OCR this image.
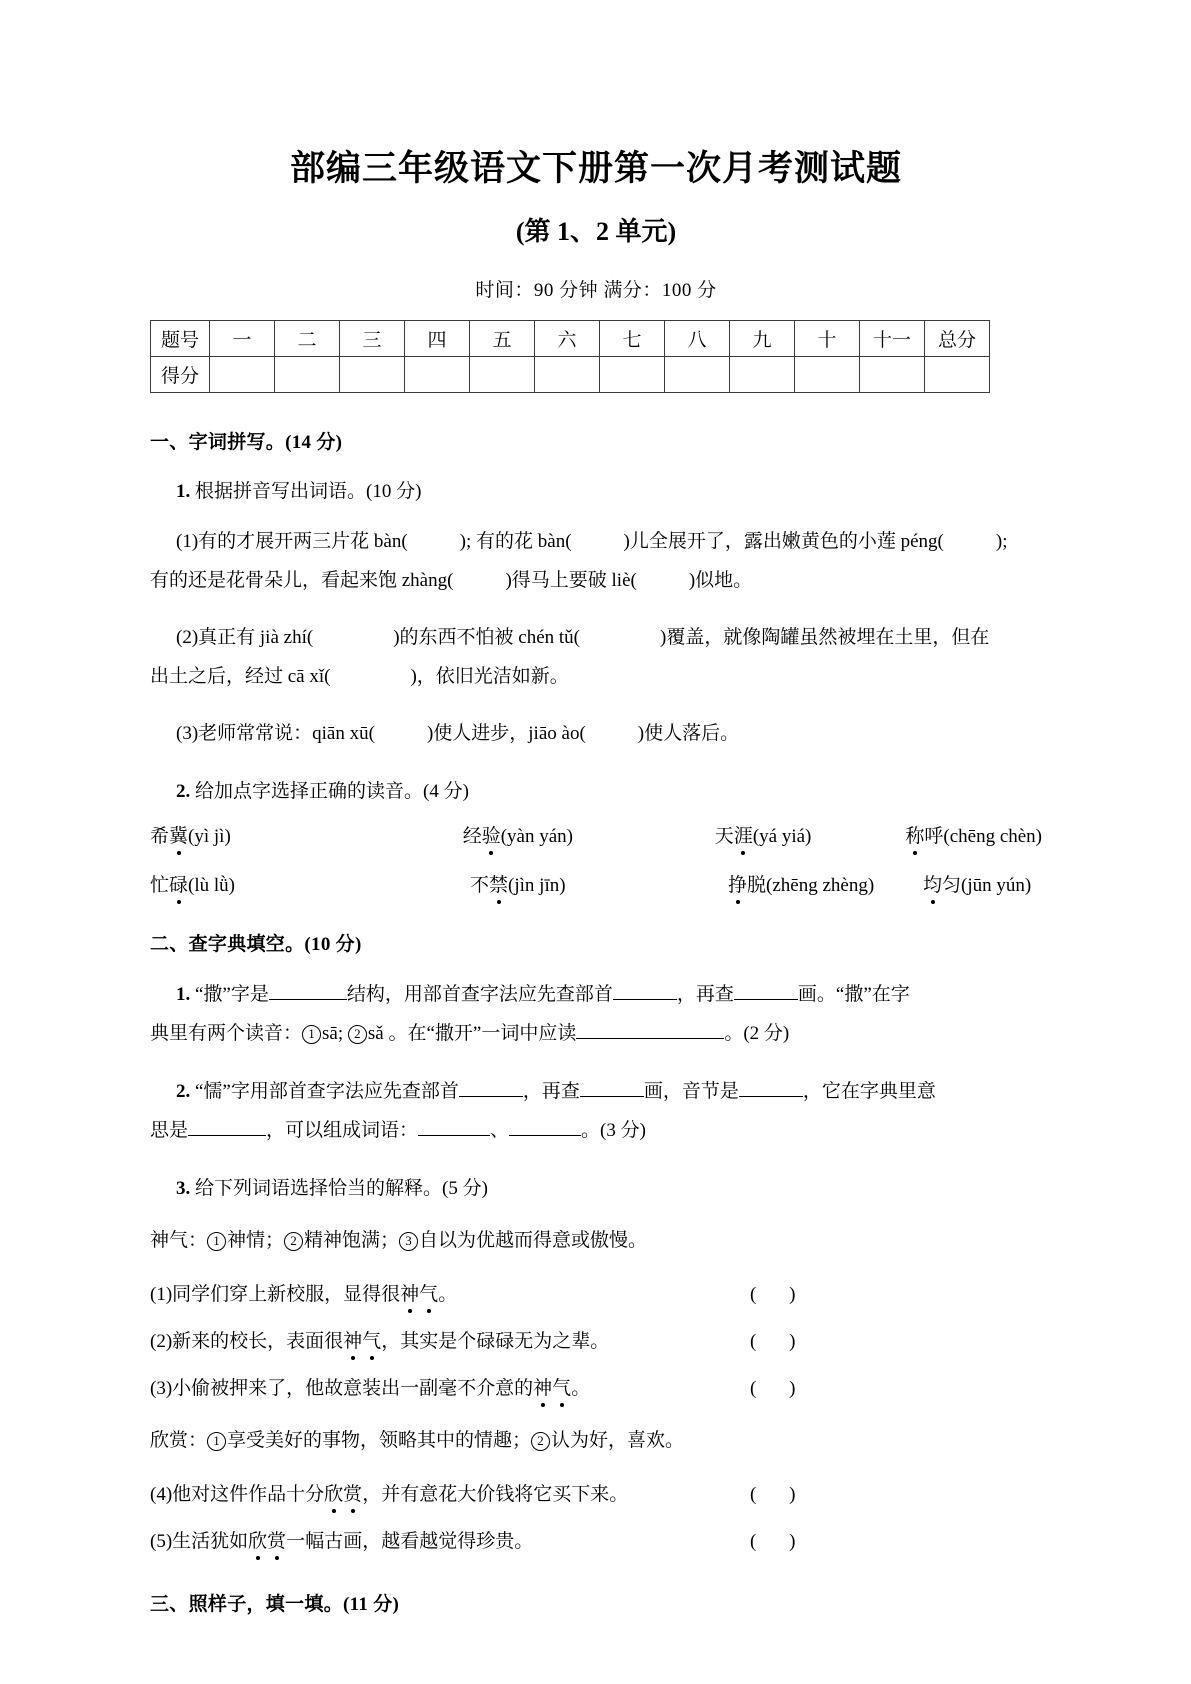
部编三年级语文下册第一次月考测试题
(第 1、2 单元)
时间：90 分钟 满分：100 分
题号	一	二	三	四	五	六	七	八	九	十	十一	总分
得分												
一、字词拼写。(14 分)
1. 根据拼音写出词语。(10 分)
(1)有的才展开两三片花 bàn(	); 有的花 bàn(	)儿全展开了，露出嫩黄色的小莲 péng(	);
有的还是花骨朵儿，看起来饱 zhàng(	)得马上要破 liè(	)似地。
(2)真正有 jià zhí(	)的东西不怕被 chén tǔ(	)覆盖，就像陶罐虽然被埋在土里，但在
出土之后，经过 cā xǐ(	)，依旧光洁如新。
(3)老师常常说：qiān xū(	)使人进步，jiāo ào(	)使人落后。
2. 给加点字选择正确的读音。(4 分)
希冀(yì jì)	经验(yàn yán)	天涯(yá yiá)	称呼(chēng chèn)
忙碌(lù lǜ)	不禁(jìn jīn)	挣脱(zhēng zhèng)	均匀(jūn yún)
二、查字典填空。(10 分)
1. “撒”字是	结构，用部首查字法应先查部首	，再查	画。“撒”在字
典里有两个读音： 1 sā; 2 sǎ 。在“撒开”一词中应读	。(2 分)
2. “懦”字用部首查字法应先查部首	，再查	画，音节是	，它在字典里意
思是	，可以组成词语：	、	。(3 分)
3. 给下列词语选择恰当的解释。(5 分)
神气： 1 神情； 2 精神饱满； 3 自以为优越而得意或傲慢。
(1)同学们穿上新校服，显得很神气。	( )
(2)新来的校长，表面很神气，其实是个碌碌无为之辈。	( )
(3)小偷被押来了，他故意装出一副毫不介意的神气。	( )
欣赏： 1 享受美好的事物，领略其中的情趣； 2 认为好，喜欢。
(4)他对这件作品十分欣赏，并有意花大价钱将它买下来。	( )
(5)生活犹如欣赏一幅古画，越看越觉得珍贵。	( )
三、照样子，填一填。(11 分)
